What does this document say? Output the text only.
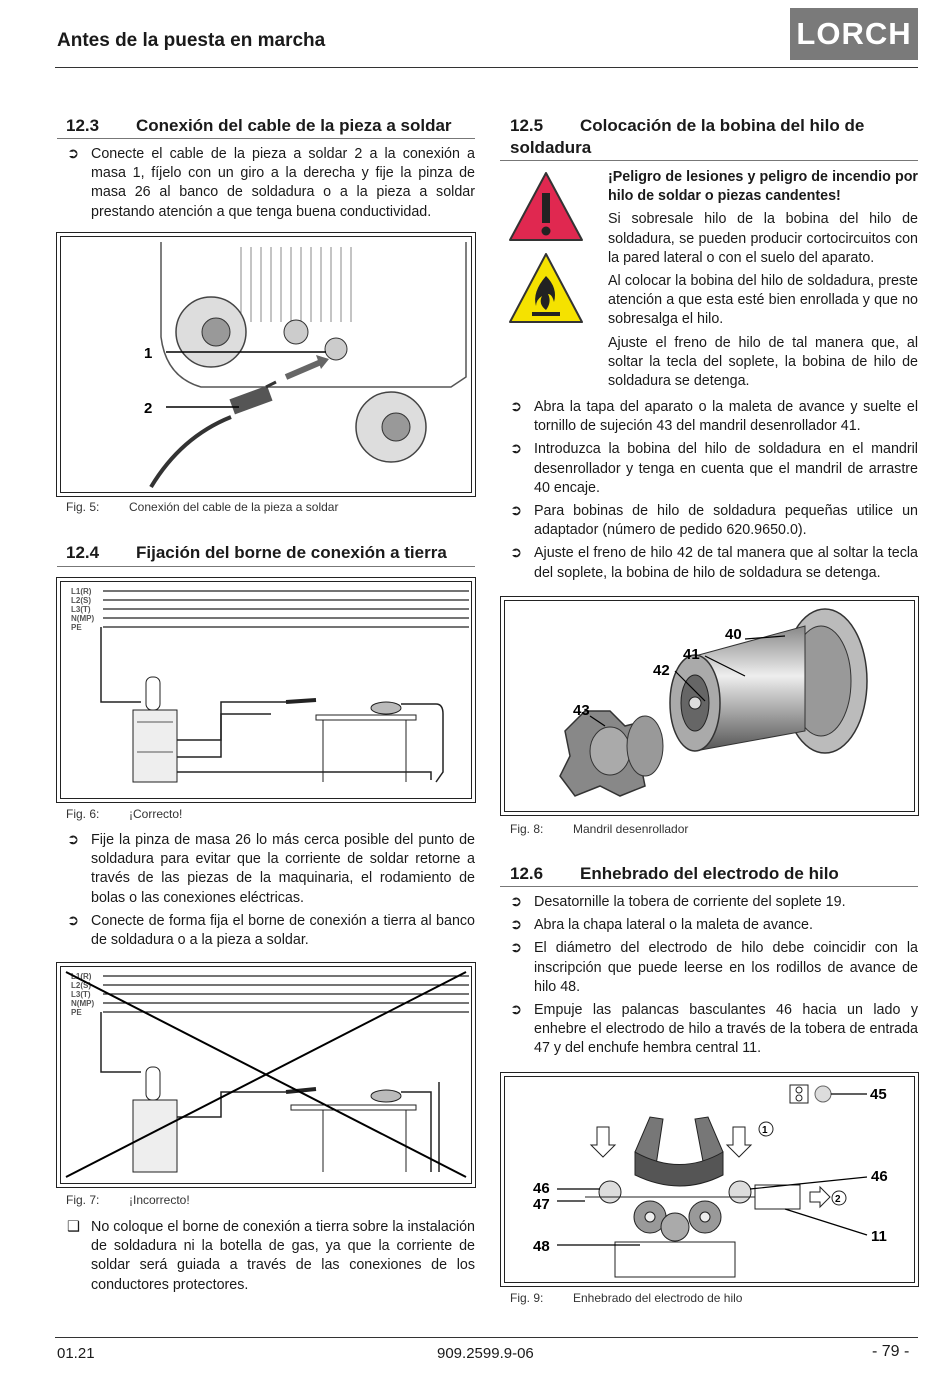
Antes de la puesta en marcha	LORCH
12.3 Conexión del cable de la pieza a soldar

➲ Conecte el cable de la pieza a soldar 2 a la conexión a masa 1, fíjelo con un giro a la derecha y fije la pinza de masa 26 al banco de soldadura o a la pieza a soldar prestando atención a que tenga buena conductividad.

1
2
Fig. 5: Conexión del cable de la pieza a soldar
12.4 Fijación del borne de conexión a tierra
L1(R)
L2(S)
L3(T)
N(MP)
PE
Fig. 6: ¡Correcto!

➲ Fije la pinza de masa 26 lo más cerca posible del punto de soldadura para evitar que la corriente de soldar retorne a través de las piezas de la maquinaria, el rodamiento de bolas o las conexiones eléctricas.

➲ Conecte de forma fija el borne de conexión a tierra al banco de soldadura o a la pieza a soldar.

L1(R)
L2(S)
L3(T)
N(MP)
PE
Fig. 7: ¡Incorrecto!

❑ No coloque el borne de conexión a tierra sobre la instalación de soldadura ni la botella de gas, ya que la corriente de soldar será guiada a través de las conexiones de los conductores protectores.

12.5 Colocación de la bobina del hilo de soldadura

¡Peligro de lesiones y peligro de incendio por hilo de soldar o piezas candentes!

Si sobresale hilo de la bobina del hilo de soldadura, se pueden producir cortocircuitos con la pared lateral o con el suelo del aparato.

Al colocar la bobina del hilo de soldadura, preste atención a que esta esté bien enrollada y que no sobresalga el hilo.

Ajuste el freno de hilo de tal manera que, al soltar la tecla del soplete, la bobina de hilo de soldadura se detenga.

➲ Abra la tapa del aparato o la maleta de avance y suelte el tornillo de sujeción 43 del mandril desenrollador 41.

➲ Introduzca la bobina del hilo de soldadura en el mandril desenrollador y tenga en cuenta que el mandril de arrastre 40 encaje.

➲ Para bobinas de hilo de soldadura pequeñas utilice un adaptador (número de pedido 620.9650.0).

➲ Ajuste el freno de hilo 42 de tal manera que al soltar la tecla del soplete, la bobina de hilo de soldadura se detenga.

40
41
42
43
Fig. 8: Mandril desenrollador
12.6 Enhebrado del electrodo de hilo

➲ Desatornille la tobera de corriente del soplete 19.

➲ Abra la chapa lateral o la maleta de avance.

➲ El diámetro del electrodo de hilo debe coincidir con la inscripción que puede leerse en los rodillos de avance de hilo 48.

➲ Empuje las palancas basculantes 46 hacia un lado y enhebre el electrodo de hilo a través de la tobera de entrada 47 y del enchufe hembra central 11.

45
1
2
46
47
48
46
11
Fig. 9: Enhebrado del electrodo de hilo
01.21	909.2599.9-06	- 79 -
